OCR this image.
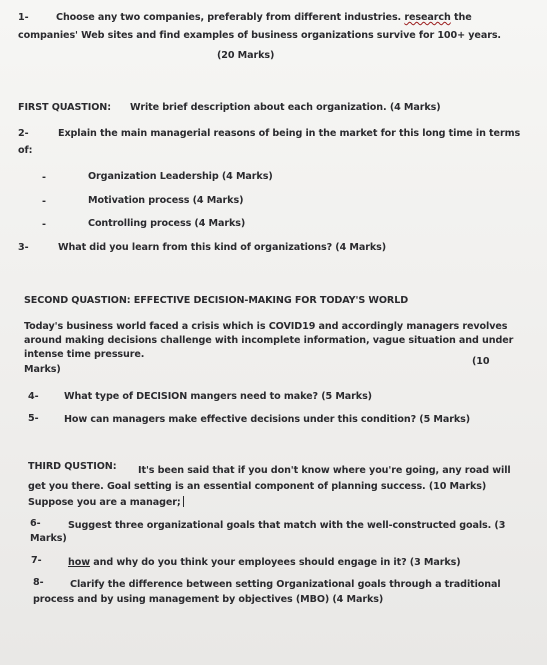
1-	Choose any two companies, preferably from different industries. research the
companies' Web sites and find examples of business organizations survive for 100+ years.
(20 Marks)
FIRST QUASTION: Write brief description about each organization. (4 Marks)
2-	Explain the main managerial reasons of being in the market for this long time in terms
of:
-	Organization Leadership (4 Marks)
-	Motivation process (4 Marks)
-	Controlling process (4 Marks)
3-	What did you learn from this kind of organizations? (4 Marks)
SECOND QUASTION: EFFECTIVE DECISION-MAKING FOR TODAY'S WORLD
Today's business world faced a crisis which is COVID19 and accordingly managers revolves
around making decisions challenge with incomplete information, vague situation and under
intense time pressure.
(10
Marks)
4-	What type of DECISION mangers need to make? (5 Marks)
5-	How can managers make effective decisions under this condition? (5 Marks)
THIRD QUSTION: It's been said that if you don't know where you're going, any road will
get you there. Goal setting is an essential component of planning success. (10 Marks)
Suppose you are a manager;
6-	Suggest three organizational goals that match with the well-constructed goals. (3
Marks)
7-	how and why do you think your employees should engage in it? (3 Marks)
8-	Clarify the difference between setting Organizational goals through a traditional
process and by using management by objectives (MBO) (4 Marks)
